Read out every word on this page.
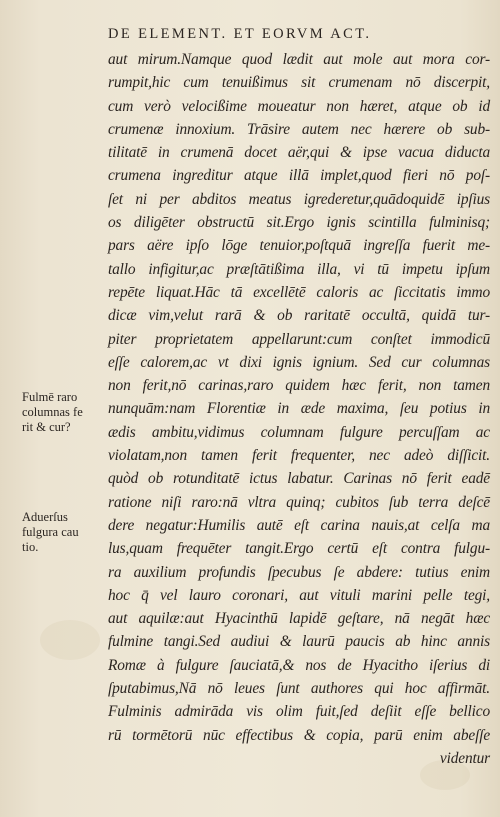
DE ELEMENT. ET EORVM ACT.
aut mirum.Namque quod lædit aut mole aut mora cor-
rumpit,hic cum tenuißimus sit crumenam nō discerpit,
cum verò velocißime moueatur non hæret, atque ob id
crumenæ innoxium. Trāsire autem nec hærere ob sub-
tilitatē in crumenā docet aër,qui & ipse vacua diducta
crumena ingreditur atque illā implet,quod fieri nō poſ-
ſet ni per abditos meatus igrederetur,quādoquidē ipſius
os diligēter obstructū sit.Ergo ignis scintilla fulminisq;
pars aëre ipſo lōge tenuior,poſtquā ingreſſa fuerit me-
tallo infigitur,ac præſtātißima illa, vi tū impetu ipſum
repēte liquat.Hāc tā excellētē caloris ac ſiccitatis immo
dicæ vim,velut rarā & ob raritatē occultā, quidā tur-
piter proprietatem appellarunt:cum conſtet immodicū
eſſe calorem,ac vt dixi ignis ignium. Sed cur columnas
non ferit,nō carinas,raro quidem hæc ferit, non tamen
nunquām:nam Florentiæ in æde maxima, ſeu potius in
ædis ambitu,vidimus columnam fulgure percuſſam ac
violatam,non tamen ferit frequenter, nec adeò diſſicit.
quòd ob rotunditatē ictus labatur. Carinas nō ferit eadē
ratione niſi raro:nā vltra quinq; cubitos ſub terra deſcē
dere negatur:Humilis autē eſt carina nauis,at celſa ma
lus,quam frequēter tangit.Ergo certū eſt contra fulgu-
ra auxilium profundis ſpecubus ſe abdere: tutius enim
hoc q̄ vel lauro coronari, aut vituli marini pelle tegi,
aut aquilæ:aut Hyacinthū lapidē geſtare, nā negāt hæc
fulmine tangi.Sed audiui & laurū paucis ab hinc annis
Romæ à fulgure ſauciatā,& nos de Hyacitho iſerius di
ſputabimus,Nā nō leues ſunt authores qui hoc affirmāt.
Fulminis admirāda vis olim fuit,ſed deſiit eſſe bellico
rū tormētorū nūc effectibus & copia, parū enim abeſſe
videntur
Fulmē raro
columnas fe
rit & cur?
Aduerſus
fulgura cau
tio.
